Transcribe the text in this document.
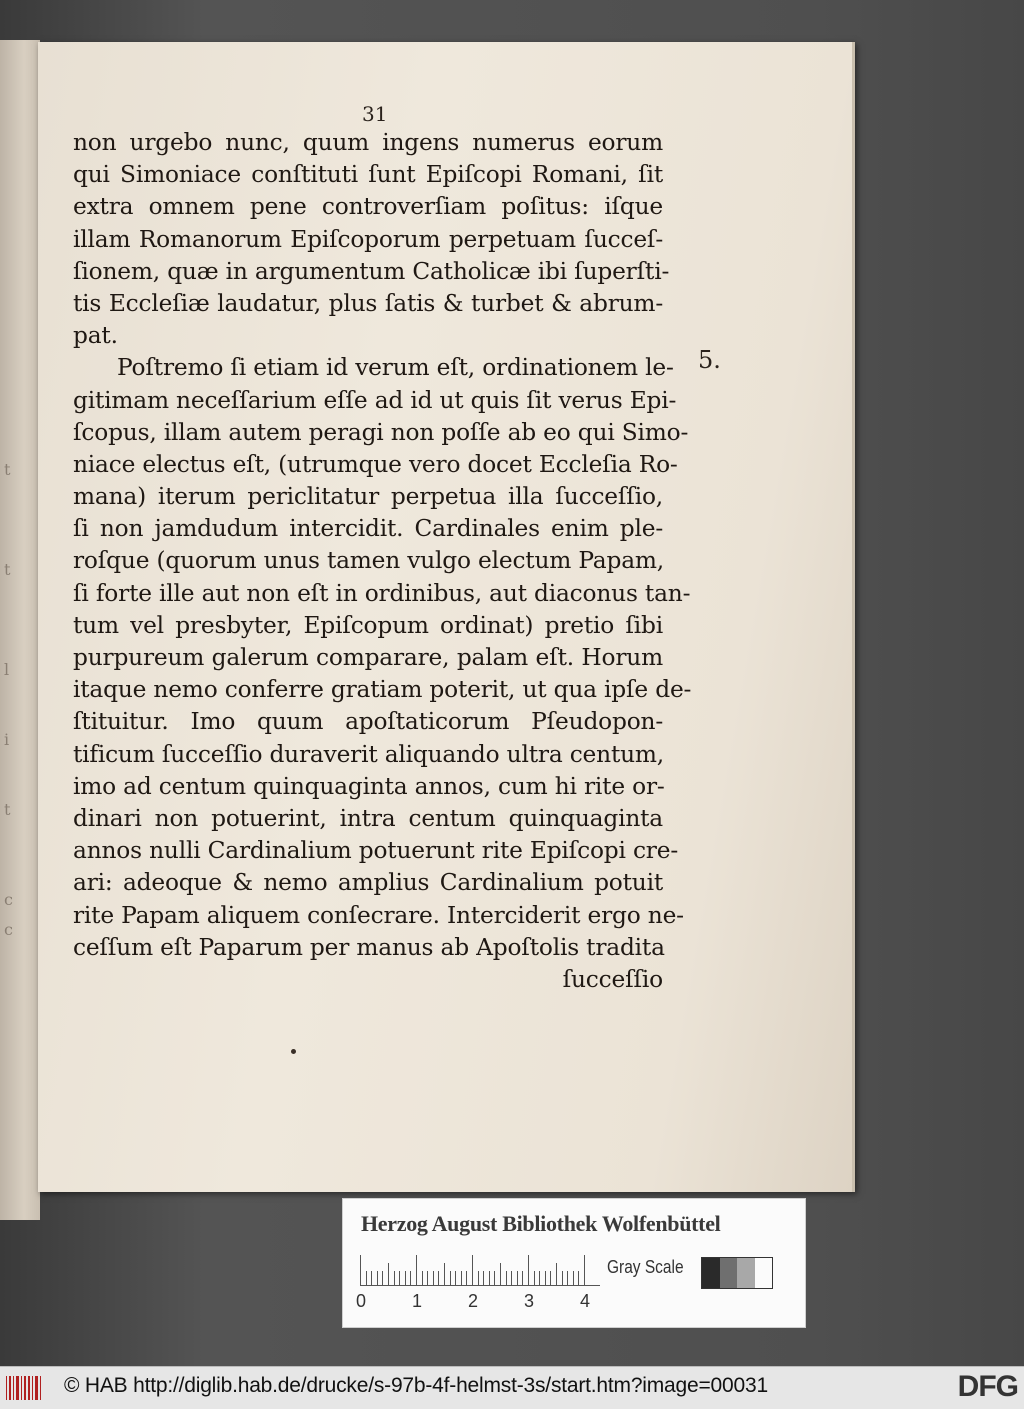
t
t
l
i
t
c
c
31
non urgebo nunc, quum ingens numerus eorum
qui Simoniace conſtituti ſunt Epiſcopi Romani, ſit
extra omnem pene controverſiam poſitus: iſque
illam Romanorum Epiſcoporum perpetuam ſucceſ-
ſionem, quæ in argumentum Catholicæ ibi ſuperſti-
tis Eccleſiæ laudatur, plus ſatis & turbet & abrum-
pat.
Poſtremo ſi etiam id verum eſt, ordinationem le-
gitimam neceſſarium eſſe ad id ut quis ſit verus Epi-
ſcopus, illam autem peragi non poſſe ab eo qui Simo-
niace electus eſt, (utrumque vero docet Eccleſia Ro-
mana) iterum periclitatur perpetua illa ſucceſſio,
ſi non jamdudum intercidit. Cardinales enim ple-
roſque (quorum unus tamen vulgo electum Papam,
ſi forte ille aut non eſt in ordinibus, aut diaconus tan-
tum vel presbyter, Epiſcopum ordinat) pretio ſibi
purpureum galerum comparare, palam eſt. Horum
itaque nemo conferre gratiam poterit, ut qua ipſe de-
ſtituitur. Imo quum apoſtaticorum Pſeudopon-
tificum ſucceſſio duraverit aliquando ultra centum,
imo ad centum quinquaginta annos, cum hi rite or-
dinari non potuerint, intra centum quinquaginta
annos nulli Cardinalium potuerunt rite Epiſcopi cre-
ari: adeoque & nemo amplius Cardinalium potuit
rite Papam aliquem conſecrare. Interciderit ergo ne-
ceſſum eſt Paparum per manus ab Apoſtolis tradita
ſucceſſio
5.
Herzog August Bibliothek Wolfenbüttel
0	1	2	3	4
Gray Scale
© HAB http://diglib.hab.de/drucke/s-97b-4f-helmst-3s/start.htm?image=00031	DFG
